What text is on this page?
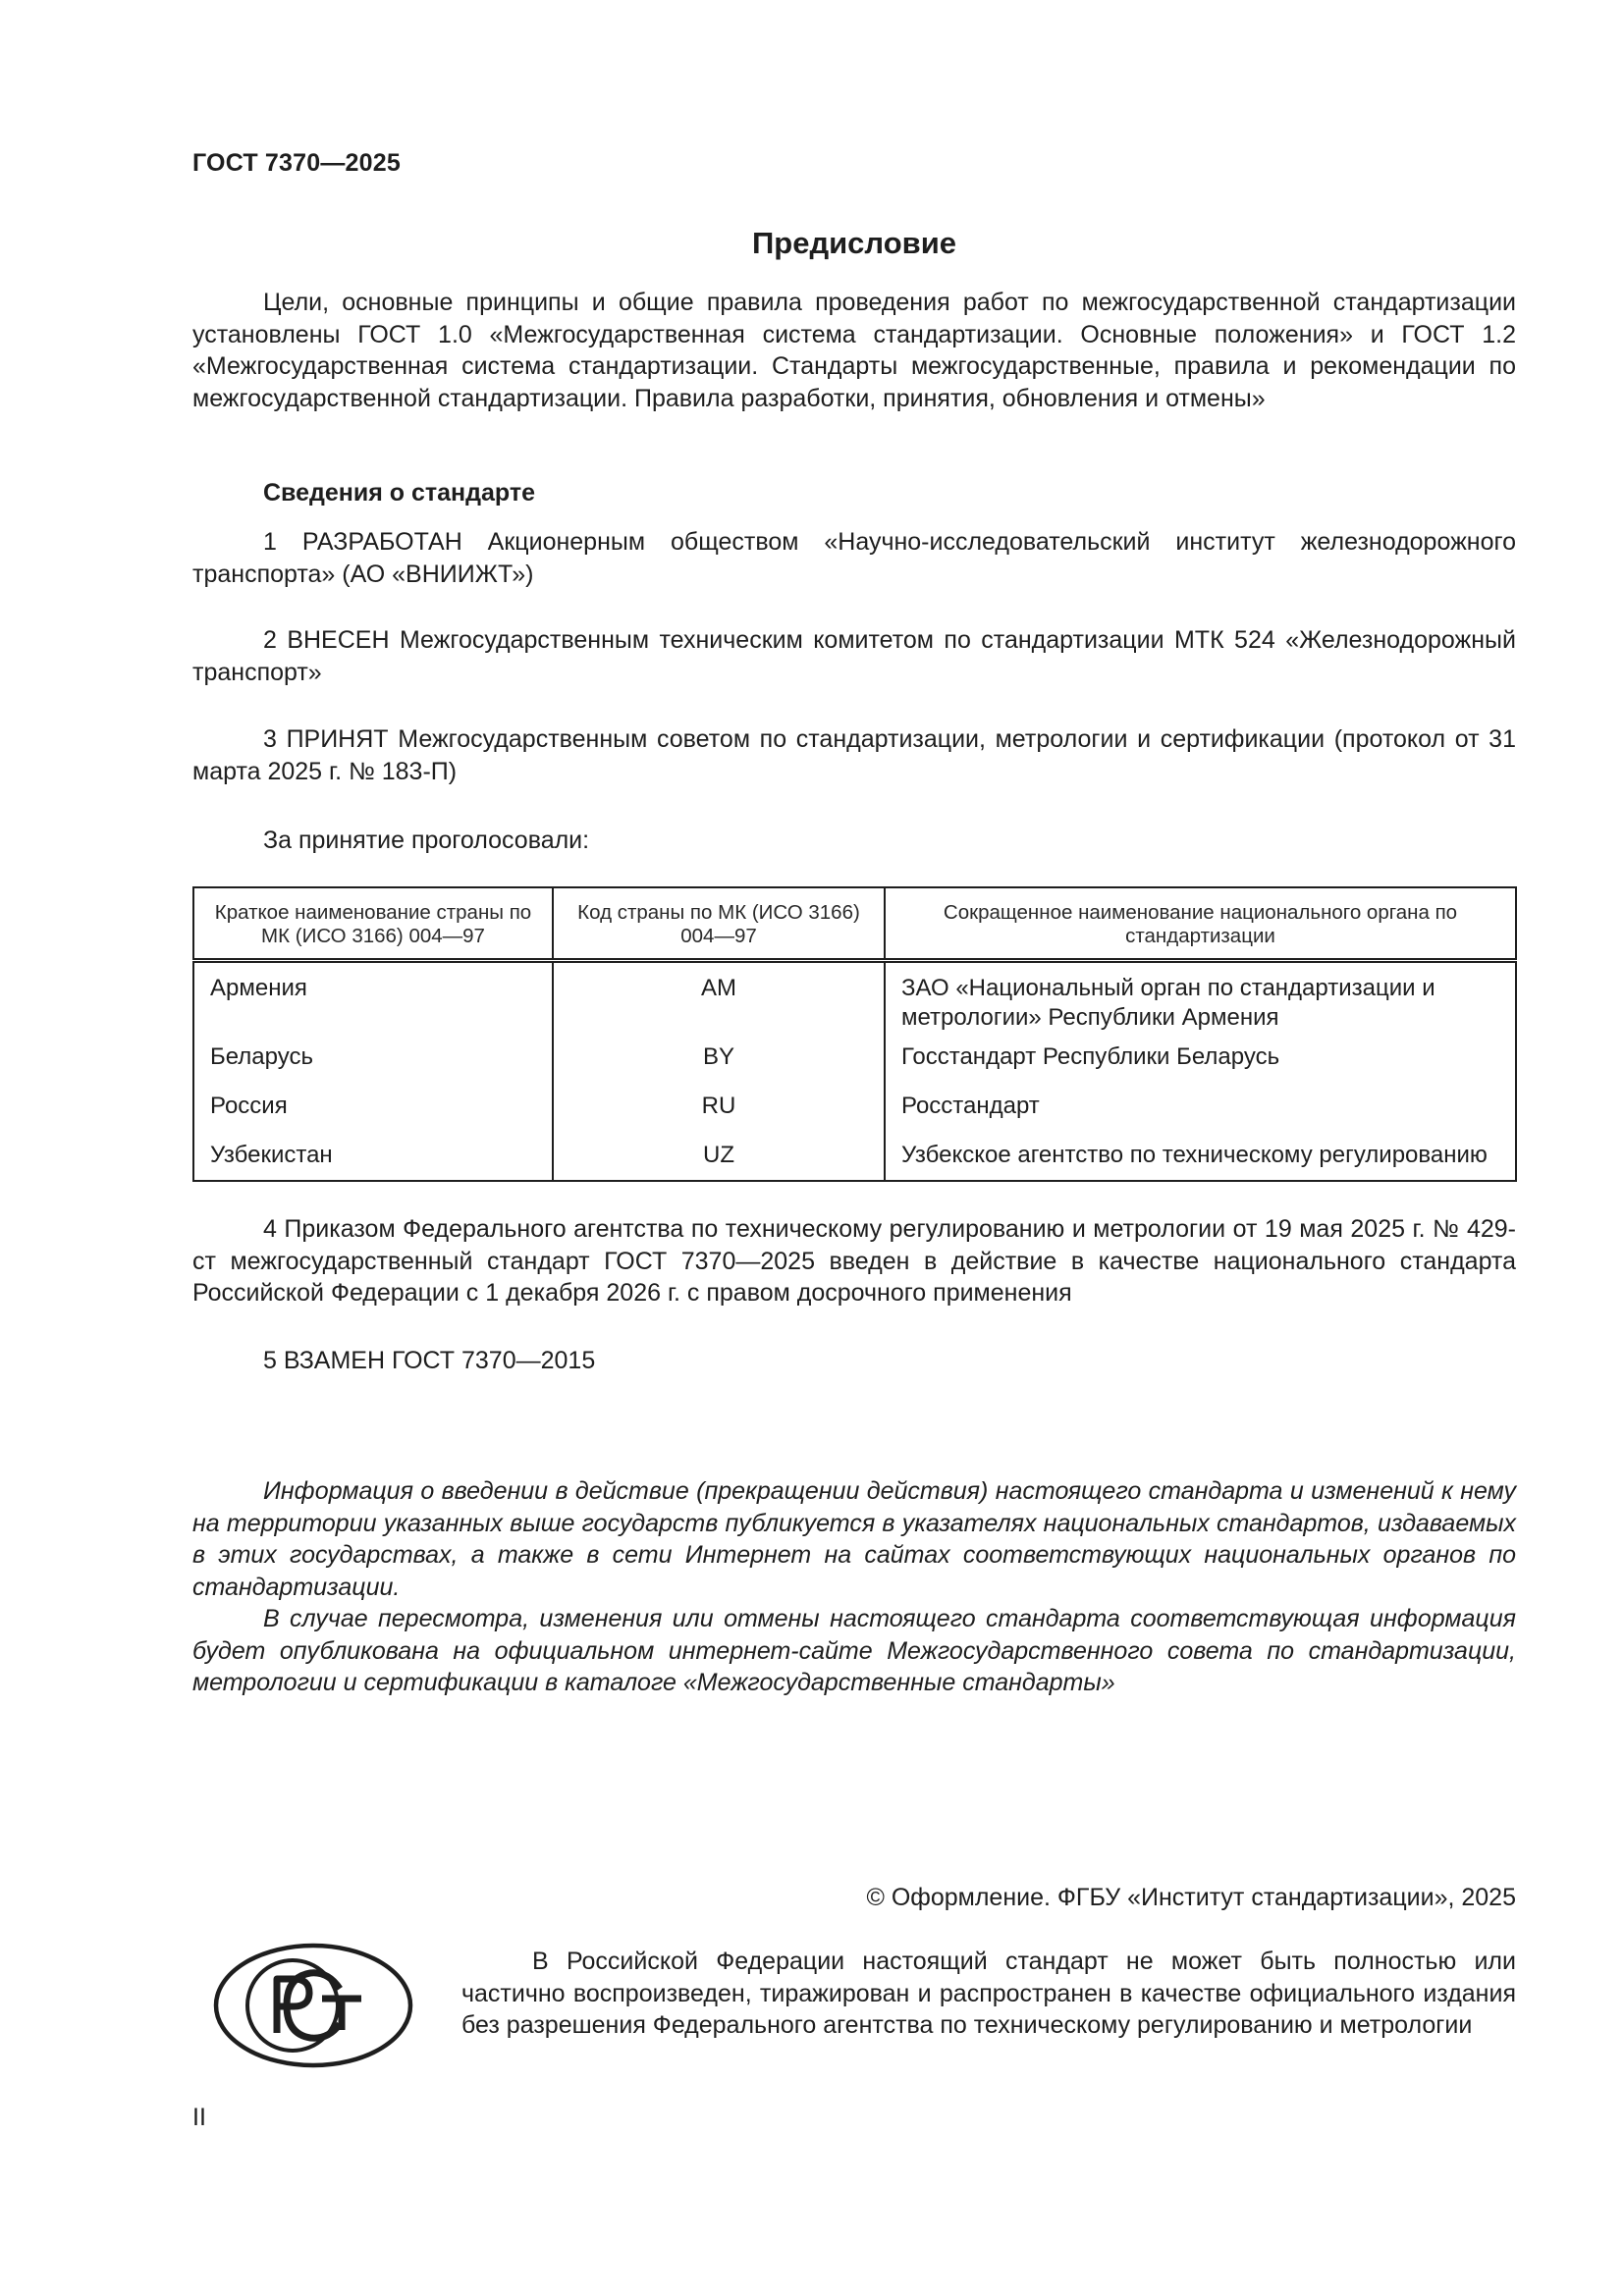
ГОСТ 7370—2025
Предисловие

Цели, основные принципы и общие правила проведения работ по межгосударственной стандартизации установлены ГОСТ 1.0 «Межгосударственная система стандартизации. Основные положения» и ГОСТ 1.2 «Межгосударственная система стандартизации. Стандарты межгосударственные, правила и рекомендации по межгосударственной стандартизации. Правила разработки, принятия, обновления и отмены»

Сведения о стандарте

1 РАЗРАБОТАН Акционерным обществом «Научно-исследовательский институт железнодорожного транспорта» (АО «ВНИИЖТ»)

2 ВНЕСЕН Межгосударственным техническим комитетом по стандартизации МТК 524 «Железнодорожный транспорт»

3 ПРИНЯТ Межгосударственным советом по стандартизации, метрологии и сертификации (протокол от 31 марта 2025 г. № 183-П)

За принятие проголосовали:
Краткое наименование страны по МК (ИСО 3166) 004—97	Код страны по МК (ИСО 3166) 004—97	Сокращенное наименование национального органа по стандартизации
Армения	AM	ЗАО «Национальный орган по стандартизации и метрологии» Республики Армения
Беларусь	BY	Госстандарт Республики Беларусь
Россия	RU	Росстандарт
Узбекистан	UZ	Узбекское агентство по техническому регулированию

4 Приказом Федерального агентства по техническому регулированию и метрологии от 19 мая 2025 г. № 429-ст межгосударственный стандарт ГОСТ 7370—2025 введен в действие в качестве национального стандарта Российской Федерации с 1 декабря 2026 г. с правом досрочного применения

5 ВЗАМЕН ГОСТ 7370—2015

Информация о введении в действие (прекращении действия) настоящего стандарта и изменений к нему на территории указанных выше государств публикуется в указателях национальных стандартов, издаваемых в этих государствах, а также в сети Интернет на сайтах соответствующих национальных органов по стандартизации.

В случае пересмотра, изменения или отмены настоящего стандарта соответствующая информация будет опубликована на официальном интернет-сайте Межгосударственного совета по стандартизации, метрологии и сертификации в каталоге «Межгосударственные стандарты»

© Оформление. ФГБУ «Институт стандартизации», 2025

В Российской Федерации настоящий стандарт не может быть полностью или частично воспроизведен, тиражирован и распространен в качестве официального издания без разрешения Федерального агентства по техническому регулированию и метрологии

II
